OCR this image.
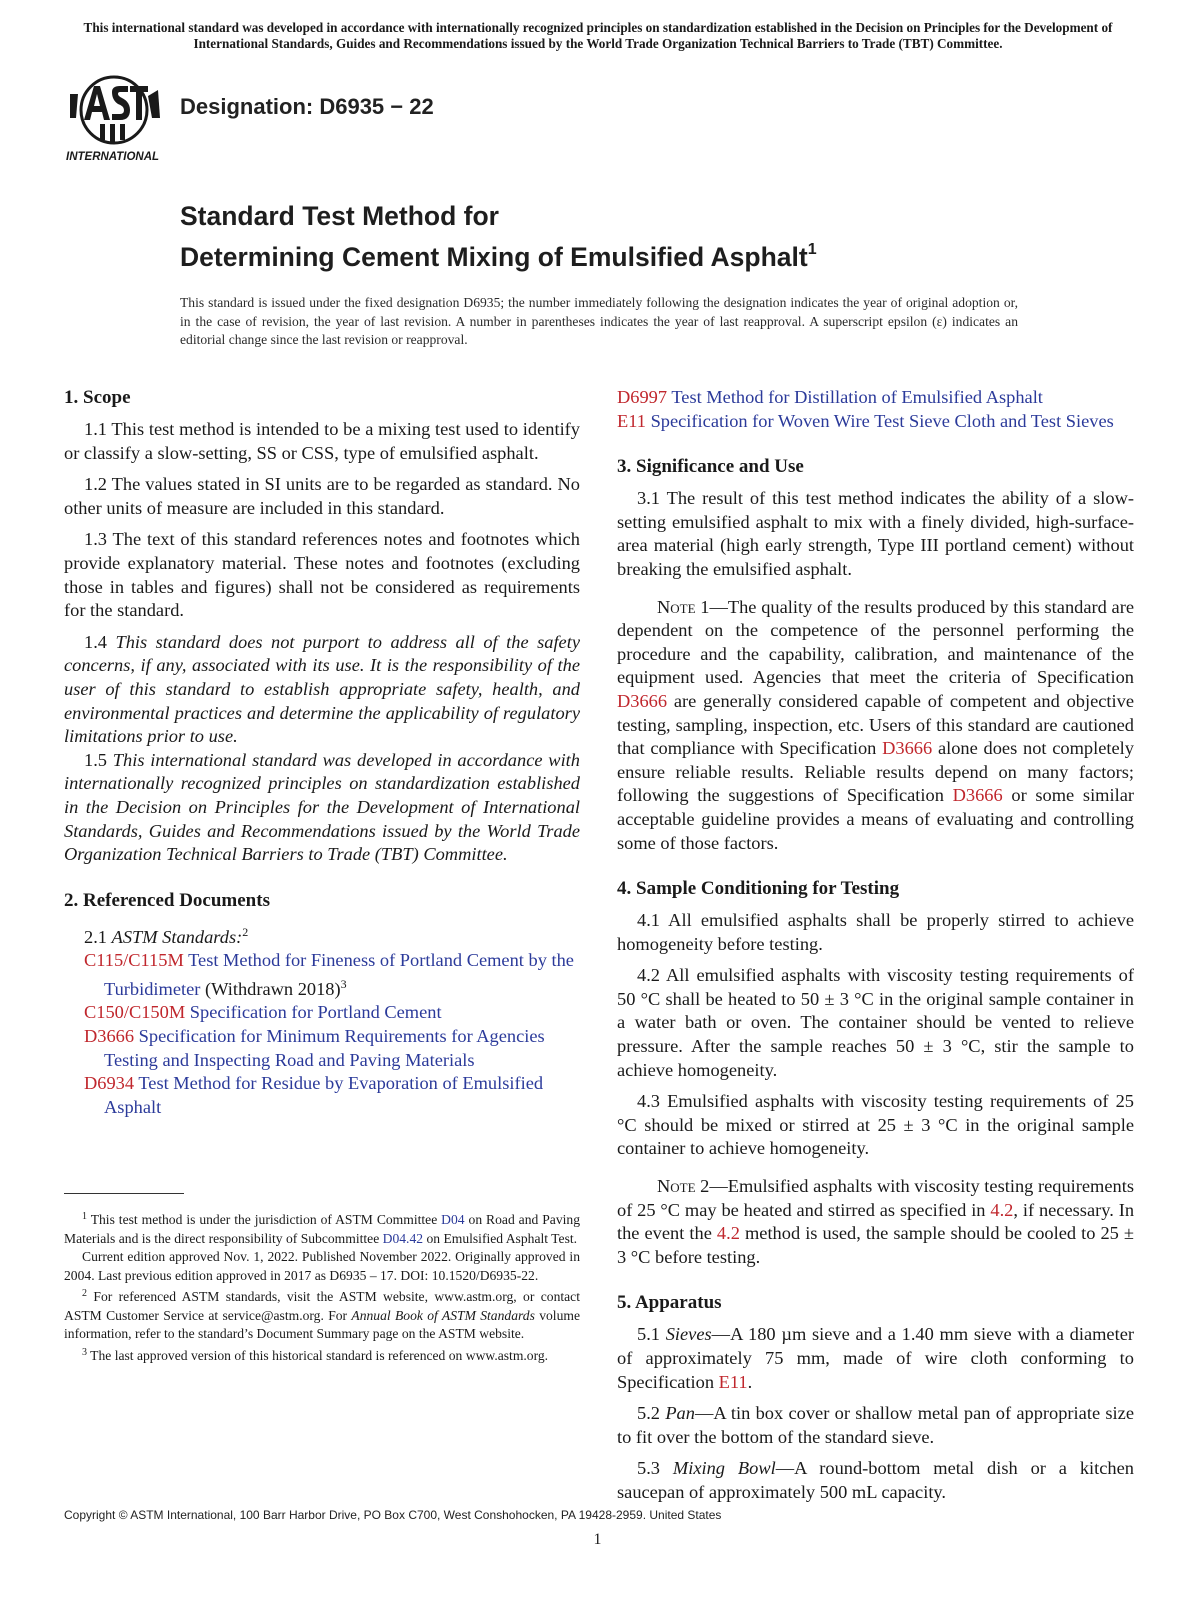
This international standard was developed in accordance with internationally recognized principles on standardization established in the Decision on Principles for the Development of International Standards, Guides and Recommendations issued by the World Trade Organization Technical Barriers to Trade (TBT) Committee.
INTERNATIONAL
Designation: D6935 − 22
Standard Test Method for
Determining Cement Mixing of Emulsified Asphalt$^1$
This standard is issued under the fixed designation D6935; the number immediately following the designation indicates the year of original adoption or, in the case of revision, the year of last revision. A number in parentheses indicates the year of last reapproval. A superscript epsilon (ε) indicates an editorial change since the last revision or reapproval.
1. Scope

1.1 This test method is intended to be a mixing test used to identify or classify a slow-setting, SS or CSS, type of emulsified asphalt.

1.2 The values stated in SI units are to be regarded as standard. No other units of measure are included in this standard.

1.3 The text of this standard references notes and footnotes which provide explanatory material. These notes and footnotes (excluding those in tables and figures) shall not be considered as requirements for the standard.

1.4 This standard does not purport to address all of the safety concerns, if any, associated with its use. It is the responsibility of the user of this standard to establish appropriate safety, health, and environmental practices and determine the applicability of regulatory limitations prior to use.

1.5 This international standard was developed in accordance with internationally recognized principles on standardization established in the Decision on Principles for the Development of International Standards, Guides and Recommendations issued by the World Trade Organization Technical Barriers to Trade (TBT) Committee.

2. Referenced Documents

2.1 ASTM Standards:$^2$

C115/C115M Test Method for Fineness of Portland Cement by the Turbidimeter (Withdrawn 2018)$^3$

C150/C150M Specification for Portland Cement

D3666 Specification for Minimum Requirements for Agencies Testing and Inspecting Road and Paving Materials

D6934 Test Method for Residue by Evaporation of Emulsified Asphalt

$^1$ This test method is under the jurisdiction of ASTM Committee D04 on Road and Paving Materials and is the direct responsibility of Subcommittee D04.42 on Emulsified Asphalt Test.

Current edition approved Nov. 1, 2022. Published November 2022. Originally approved in 2004. Last previous edition approved in 2017 as D6935 – 17. DOI: 10.1520/D6935-22.

$^2$ For referenced ASTM standards, visit the ASTM website, www.astm.org, or contact ASTM Customer Service at service@astm.org. For Annual Book of ASTM Standards volume information, refer to the standard’s Document Summary page on the ASTM website.

$^3$ The last approved version of this historical standard is referenced on www.astm.org.

D6997 Test Method for Distillation of Emulsified Asphalt

E11 Specification for Woven Wire Test Sieve Cloth and Test Sieves

3. Significance and Use

3.1 The result of this test method indicates the ability of a slow-setting emulsified asphalt to mix with a finely divided, high-surface-area material (high early strength, Type III portland cement) without breaking the emulsified asphalt.

Note 1—The quality of the results produced by this standard are dependent on the competence of the personnel performing the procedure and the capability, calibration, and maintenance of the equipment used. Agencies that meet the criteria of Specification D3666 are generally considered capable of competent and objective testing, sampling, inspection, etc. Users of this standard are cautioned that compliance with Specification D3666 alone does not completely ensure reliable results. Reliable results depend on many factors; following the suggestions of Specification D3666 or some similar acceptable guideline provides a means of evaluating and controlling some of those factors.

4. Sample Conditioning for Testing

4.1 All emulsified asphalts shall be properly stirred to achieve homogeneity before testing.

4.2 All emulsified asphalts with viscosity testing requirements of 50 °C shall be heated to 50 ± 3 °C in the original sample container in a water bath or oven. The container should be vented to relieve pressure. After the sample reaches 50 ± 3 °C, stir the sample to achieve homogeneity.

4.3 Emulsified asphalts with viscosity testing requirements of 25 °C should be mixed or stirred at 25 ± 3 °C in the original sample container to achieve homogeneity.

Note 2—Emulsified asphalts with viscosity testing requirements of 25 °C may be heated and stirred as specified in 4.2, if necessary. In the event the 4.2 method is used, the sample should be cooled to 25 ± 3 °C before testing.

5. Apparatus

5.1 Sieves—A 180 µm sieve and a 1.40 mm sieve with a diameter of approximately 75 mm, made of wire cloth conforming to Specification E11.

5.2 Pan—A tin box cover or shallow metal pan of appropriate size to fit over the bottom of the standard sieve.

5.3 Mixing Bowl—A round-bottom metal dish or a kitchen saucepan of approximately 500 mL capacity.

Copyright © ASTM International, 100 Barr Harbor Drive, PO Box C700, West Conshohocken, PA 19428-2959. United States
1
